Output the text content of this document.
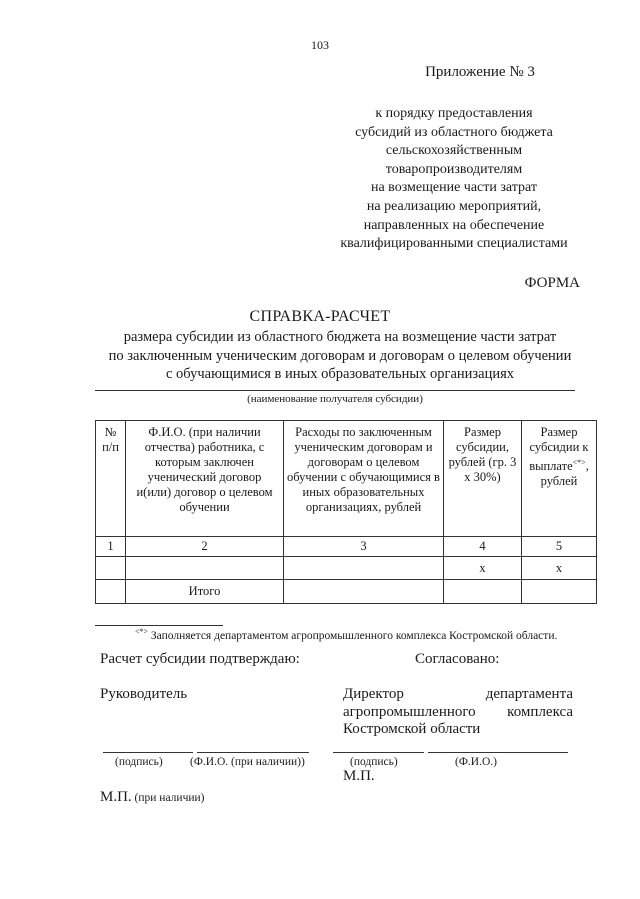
103
Приложение № 3
к порядку предоставления
субсидий из областного бюджета
сельскохозяйственным
товаропроизводителям
на возмещение части затрат
на реализацию мероприятий,
направленных на обеспечение
квалифицированными специалистами
ФОРМА
СПРАВКА-РАСЧЕТ
размера субсидии из областного бюджета на возмещение части затрат
по заключенным ученическим договорам и договорам о целевом обучении
с обучающимися в иных образовательных организациях
(наименование получателя субсидии)
№ п/п	Ф.И.О. (при наличии отчества) работника, с которым заключен ученический договор и(или) договор о целевом обучении	Расходы по заключенным ученическим договорам и договорам о целевом обучении с обучающимися в иных образовательных организациях, рублей	Размер субсидии, рублей (гр. 3 x 30%)	Размер субсидии к выплате<*>, рублей
1	2	3	4	5
			x	x
	Итого			
<*> Заполняется департаментом агропромышленного комплекса Костромской области.
Расчет субсидии подтверждаю:	Согласовано:
Руководитель	Директор департамента
агропромышленного комплекса
Костромской области
(подпись) (Ф.И.О. (при наличии))	(подпись)	(Ф.И.О.)
М.П.
М.П. (при наличии)
